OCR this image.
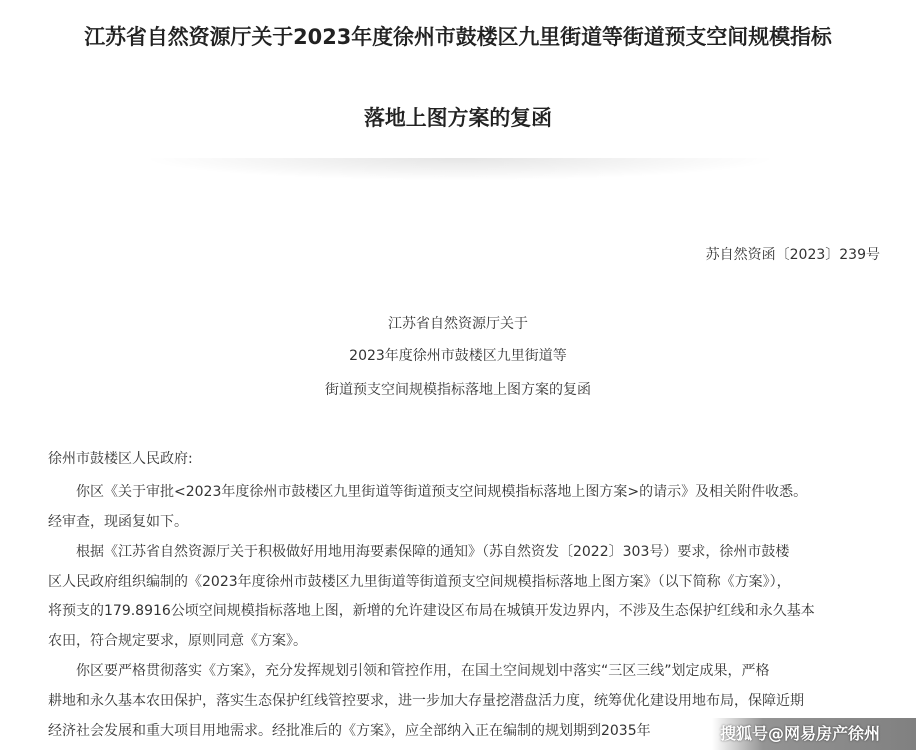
江苏省自然资源厅关于2023年度徐州市鼓楼区九里街道等街道预支空间规模指标
落地上图方案的复函
苏自然资函〔2023〕239号
江苏省自然资源厅关于
2023年度徐州市鼓楼区九里街道等
街道预支空间规模指标落地上图方案的复函
徐州市鼓楼区人民政府:
你区《关于审批<2023年度徐州市鼓楼区九里街道等街道预支空间规模指标落地上图方案>的请示》及相关附件收悉。
经审查，现函复如下。
根据《江苏省自然资源厅关于积极做好用地用海要素保障的通知》（苏自然资发〔2022〕303号）要求，徐州市鼓楼
区人民政府组织编制的《2023年度徐州市鼓楼区九里街道等街道预支空间规模指标落地上图方案》（以下简称《方案》），
将预支的179.8916公顷空间规模指标落地上图，新增的允许建设区布局在城镇开发边界内，不涉及生态保护红线和永久基本
农田，符合规定要求，原则同意《方案》。
你区要严格贯彻落实《方案》，充分发挥规划引领和管控作用，在国土空间规划中落实“三区三线”划定成果，严格
耕地和永久基本农田保护，落实生态保护红线管控要求，进一步加大存量挖潜盘活力度，统筹优化建设用地布局，保障近期
经济社会发展和重大项目用地需求。经批准后的《方案》，应全部纳入正在编制的规划期到2035年	搜狐号@网易房产徐州
